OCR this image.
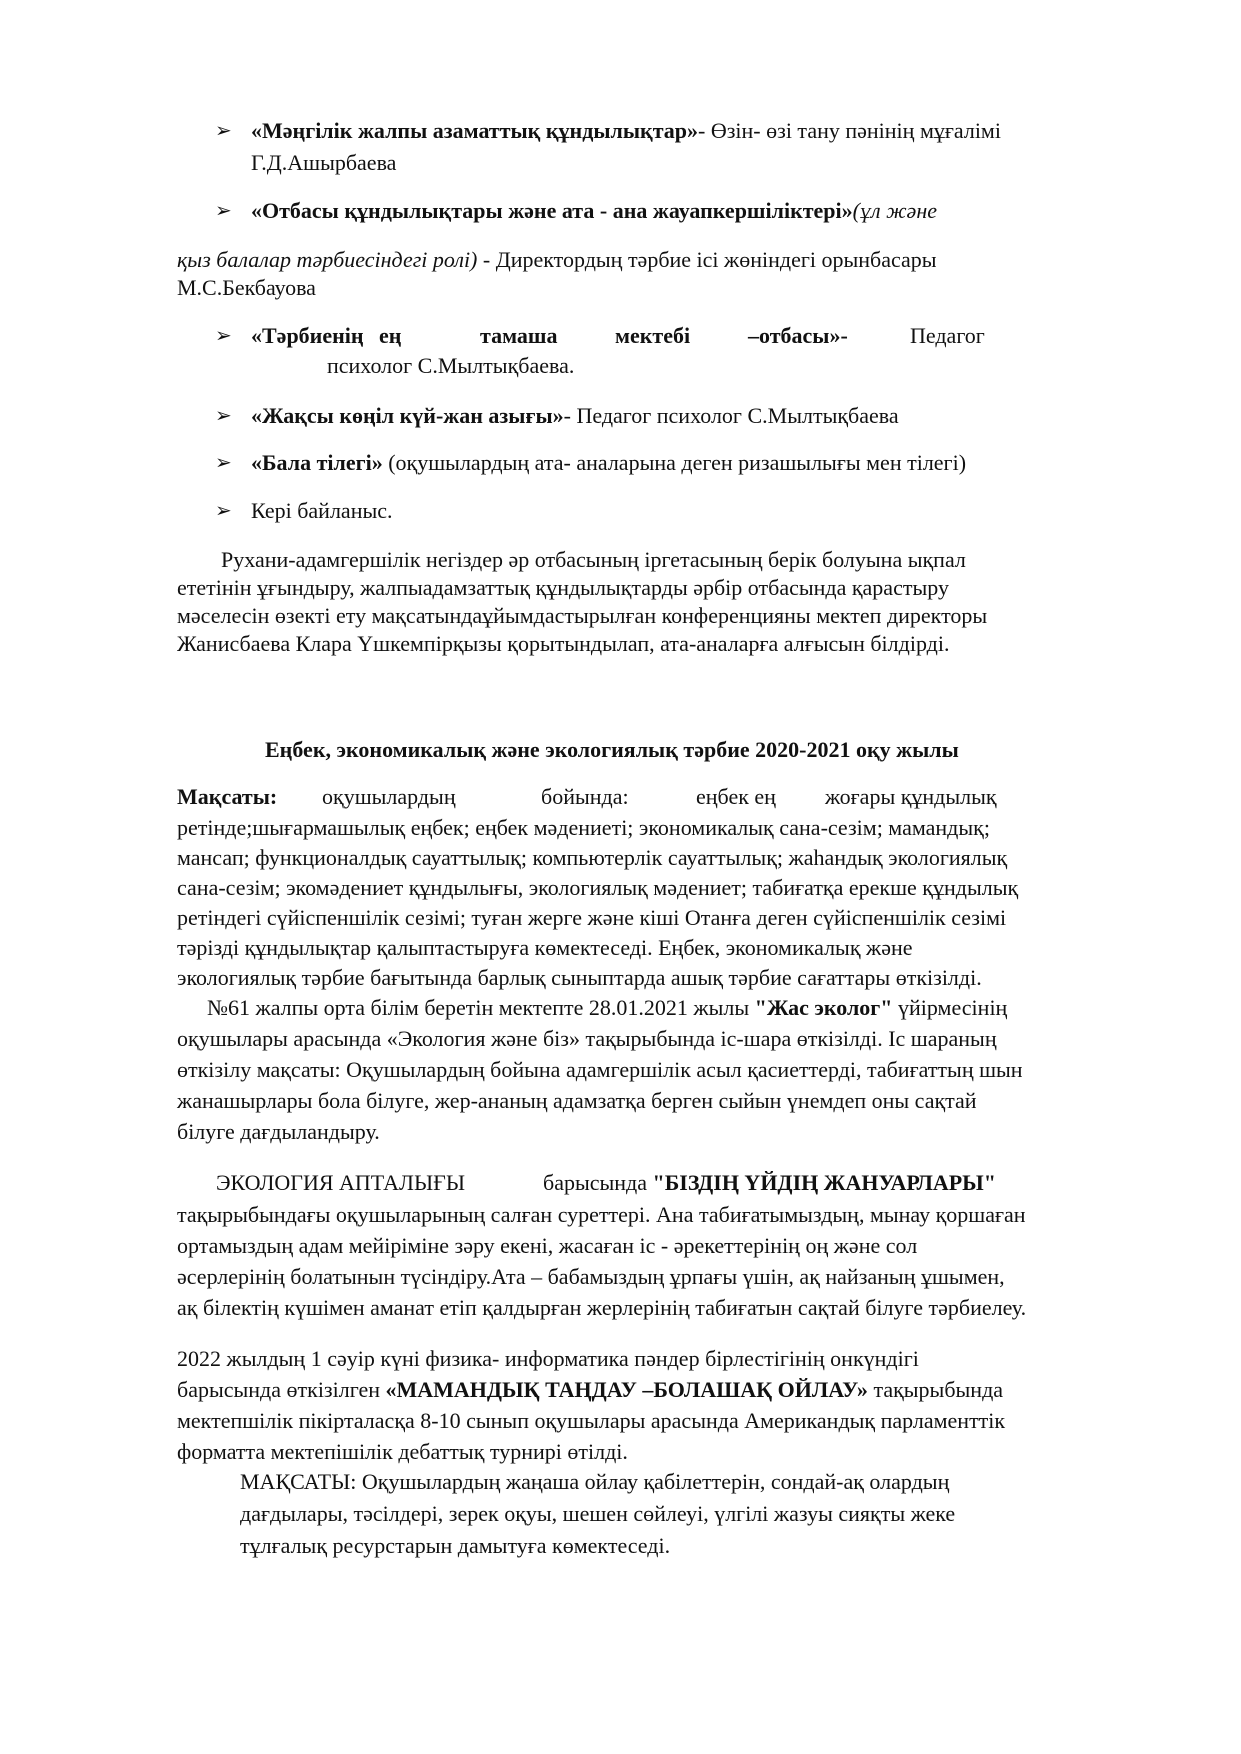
➢ «Мәңгілік жалпы азаматтық құндылықтар»- Өзін- өзі тану пәнінің мұғалімі
Г.Д.Ашырбаева
➢ «Отбасы құндылықтары және ата - ана жауапкершіліктері»(ұл және
қыз балалар тәрбиесіндегі ролі) - Директордың тәрбие ісі жөніндегі орынбасары
М.С.Бекбауова
➢ «Тәрбиенің ең	тамаша	мектебі	–отбасы»-	Педагог
психолог С.Мылтықбаева.
➢ «Жақсы көңіл күй-жан азығы»- Педагог психолог С.Мылтықбаева
➢ «Бала тілегі» (оқушылардың ата- аналарына деген ризашылығы мен тілегі)
➢ Кері байланыс.
Рухани-адамгершілік негіздер әр отбасының іргетасының берік болуына ықпал
ететінін ұғындыру, жалпыадамзаттық құндылықтарды әрбір отбасында қарастыру
мәселесін өзекті ету мақсатындаұйымдастырылған конференцияны мектеп директоры
Жанисбаева Клара Үшкемпірқызы қорытындылап, ата-аналарға алғысын білдірді.
Еңбек, экономикалық және экологиялық тәрбие 2020-2021 оқу жылы
Мақсаты: оқушылардың	бойында:	еңбек ең жоғары құндылық
ретінде;шығармашылық еңбек; еңбек мәдениеті; экономикалық сана-сезім; мамандық;
мансап; функционалдық сауаттылық; компьютерлік сауаттылық; жаһандық экологиялық
сана-сезім; экомәдениет құндылығы, экологиялық мәдениет; табиғатқа ерекше құндылық
ретіндегі сүйіспеншілік сезімі; туған жерге және кіші Отанға деген сүйіспеншілік сезімі
тәрізді құндылықтар қалыптастыруға көмектеседі. Еңбек, экономикалық және
экологиялық тәрбие бағытында барлық сыныптарда ашық тәрбие сағаттары өткізілді.
№61 жалпы орта білім беретін мектепте 28.01.2021 жылы "Жас эколог" үйірмесінің
оқушылары арасында «Экология және біз» тақырыбында іс-шара өткізілді. Іс шараның
өткізілу мақсаты: Оқушылардың бойына адамгершілік асыл қасиеттерді, табиғаттың шын
жанашырлары бола білуге, жер-ананың адамзатқа берген сыйын үнемдеп оны сақтай
білуге дағдыландыру.
ЭКОЛОГИЯ АПТАЛЫҒЫ	барысында "БІЗДІҢ ҮЙДІҢ ЖАНУАРЛАРЫ"
тақырыбындағы оқушыларының салған суреттері. Ана табиғатымыздың, мынау қоршаған
ортамыздың адам мейіріміне зәру екені, жасаған іс - әрекеттерінің оң және сол
әсерлерінің болатынын түсіндіру.Ата – бабамыздың ұрпағы үшін, ақ найзаның ұшымен,
ақ білектің күшімен аманат етіп қалдырған жерлерінің табиғатын сақтай білуге тәрбиелеу.
2022 жылдың 1 сәуір күні физика- информатика пәндер бірлестігінің онкүндігі
барысында өткізілген «МАМАНДЫҚ ТАҢДАУ –БОЛАШАҚ ОЙЛАУ» тақырыбында
мектепшілік пікірталасқа 8-10 сынып оқушылары арасында Американдық парламенттік
форматта мектепішілік дебаттық турнирі өтілді.
МАҚСАТЫ: Оқушылардың жаңаша ойлау қабілеттерін, сондай-ақ олардың
дағдылары, тәсілдері, зерек оқуы, шешен сөйлеуі, үлгілі жазуы сияқты жеке
тұлғалық ресурстарын дамытуға көмектеседі.
